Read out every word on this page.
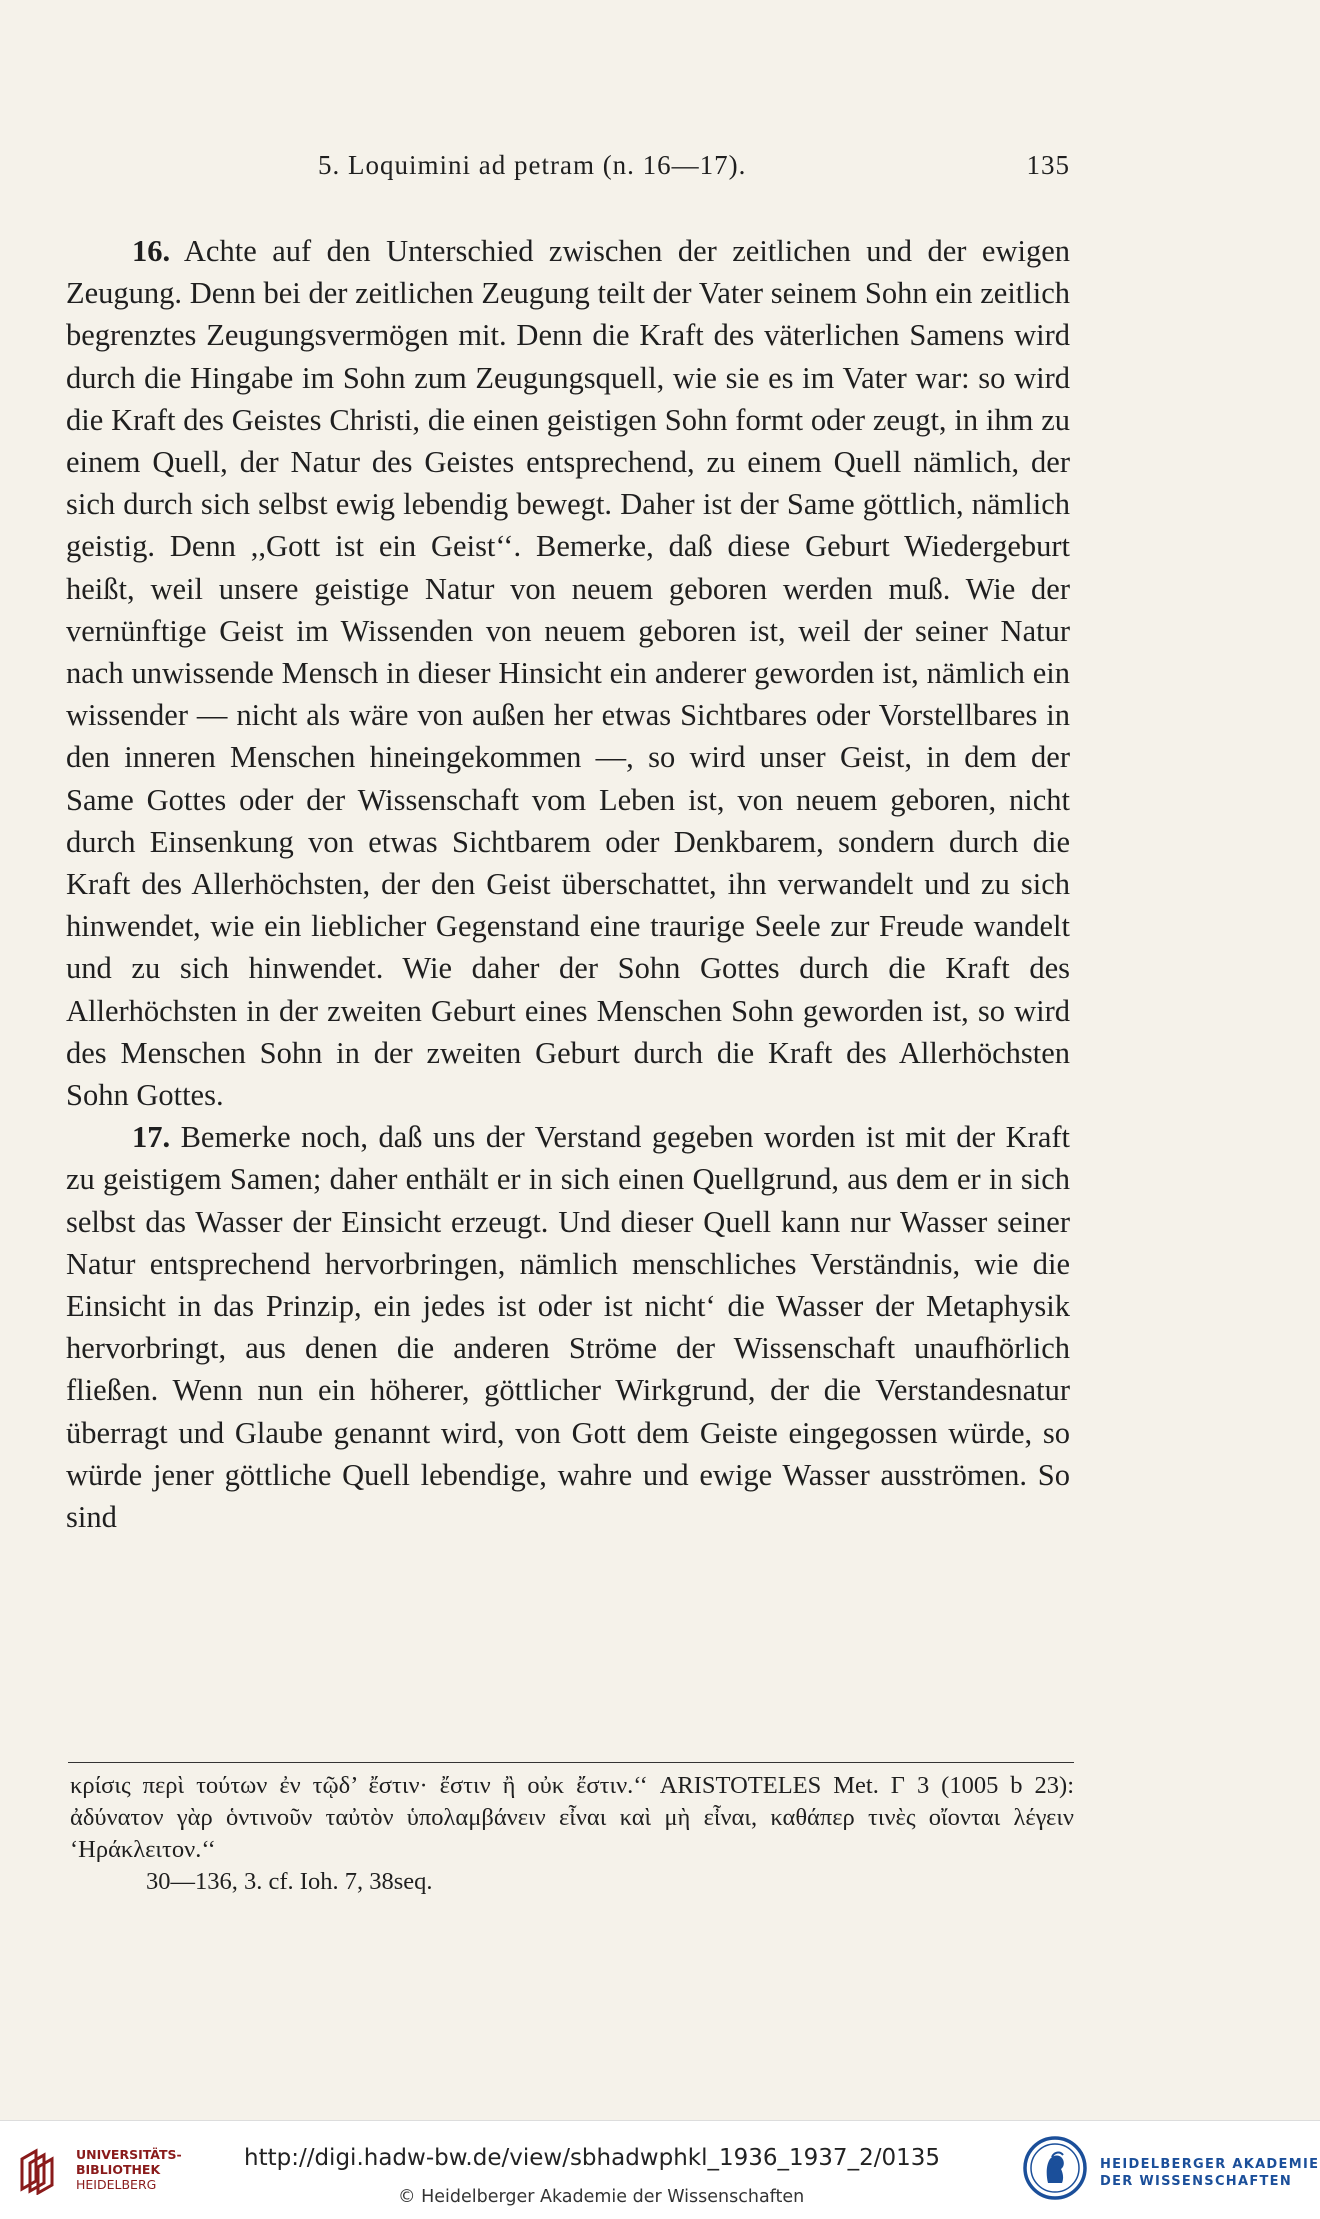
5. Loquimini ad petram (n. 16—17).	135

16. Achte auf den Unterschied zwischen der zeitlichen und der ewigen Zeugung. Denn bei der zeitlichen Zeugung teilt der Vater seinem Sohn ein zeitlich begrenztes Zeugungsvermögen mit. Denn die Kraft des väterlichen Samens wird durch die Hingabe im Sohn zum Zeugungsquell, wie sie es im Vater war: so wird die Kraft des Geistes Christi, die einen geistigen Sohn formt oder zeugt, in ihm zu einem Quell, der Natur des Geistes entsprechend, zu einem Quell nämlich, der sich durch sich selbst ewig lebendig bewegt. Daher ist der Same göttlich, nämlich geistig. Denn ,,Gott ist ein Geist‘‘. Bemerke, daß diese Geburt Wiedergeburt heißt, weil unsere geistige Natur von neuem geboren werden muß. Wie der vernünftige Geist im Wissenden von neuem geboren ist, weil der seiner Natur nach unwissende Mensch in dieser Hinsicht ein anderer geworden ist, nämlich ein wissender — nicht als wäre von außen her etwas Sichtbares oder Vorstellbares in den inneren Menschen hineingekommen —, so wird unser Geist, in dem der Same Gottes oder der Wissenschaft vom Leben ist, von neuem geboren, nicht durch Einsenkung von etwas Sichtbarem oder Denkbarem, sondern durch die Kraft des Allerhöchsten, der den Geist überschattet, ihn verwandelt und zu sich hinwendet, wie ein lieblicher Gegenstand eine traurige Seele zur Freude wandelt und zu sich hinwendet. Wie daher der Sohn Gottes durch die Kraft des Allerhöchsten in der zweiten Geburt eines Menschen Sohn geworden ist, so wird des Menschen Sohn in der zweiten Geburt durch die Kraft des Allerhöchsten Sohn Gottes.

17. Bemerke noch, daß uns der Verstand gegeben worden ist mit der Kraft zu geistigem Samen; daher enthält er in sich einen Quellgrund, aus dem er in sich selbst das Wasser der Einsicht erzeugt. Und dieser Quell kann nur Wasser seiner Natur entsprechend hervorbringen, nämlich menschliches Verständnis, wie die Einsicht in das Prinzip, ein jedes ist oder ist nicht‘ die Wasser der Metaphysik hervorbringt, aus denen die anderen Ströme der Wissenschaft unaufhörlich fließen. Wenn nun ein höherer, göttlicher Wirkgrund, der die Verstandesnatur überragt und Glaube genannt wird, von Gott dem Geiste eingegossen würde, so würde jener göttliche Quell lebendige, wahre und ewige Wasser ausströmen. So sind

κρίσις περὶ τούτων ἐν τῷδ’ ἔστιν· ἔστιν ἢ οὐκ ἔστιν.‘‘ ARISTOTELES Met. Γ 3 (1005 b 23): ἀδύνατον γὰρ ὁντινοῦν ταὐτὸν ὑπολαμβάνειν εἶναι καὶ μὴ εἶναι, καθάπερ τινὲς οἴονται λέγειν ‘Ηράκλειτον.‘‘

30—136, 3. cf. Ioh. 7, 38seq.

UNIVERSITÄTS-
BIBLIOTHEK
HEIDELBERG
http://digi.hadw-bw.de/view/sbhadwphkl_1936_1937_2/0135
© Heidelberger Akademie der Wissenschaften
HEIDELBERGER AKADEMIE
DER WISSENSCHAFTEN
